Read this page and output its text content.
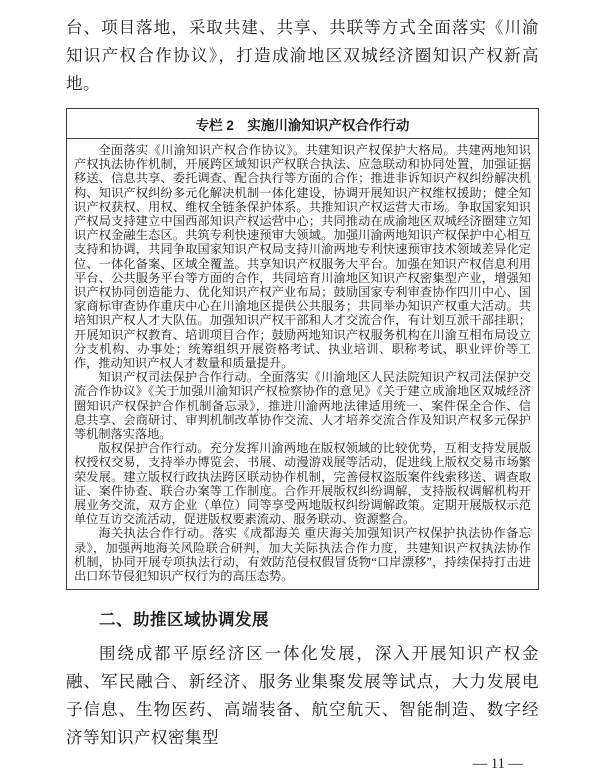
台、项目落地，采取共建、共享、共联等方式全面落实《川渝知识产权合作协议》，打造成渝地区双城经济圈知识产权新高地。

专栏 2　实施川渝知识产权合作行动

全面落实《川渝知识产权合作协议》。共建知识产权保护大格局。共建两地知识产权执法协作机制，开展跨区域知识产权联合执法、应急联动和协同处置，加强证据移送、信息共享、委托调查、配合执行等方面的合作；推进非诉知识产权纠纷解决机构、知识产权纠纷多元化解决机制一体化建设，协调开展知识产权维权援助；健全知识产权获权、用权、维权全链条保护体系。共推知识产权运营大市场。争取国家知识产权局支持建立中国西部知识产权运营中心；共同推动在成渝地区双城经济圈建立知识产权金融生态区。共筑专利快速预审大领域。加强川渝两地知识产权保护中心相互支持和协调，共同争取国家知识产权局支持川渝两地专利快速预审技术领域差异化定位、一体化备案、区域全覆盖。共享知识产权服务大平台。加强在知识产权信息利用平台、公共服务平台等方面的合作，共同培育川渝地区知识产权密集型产业，增强知识产权协同创造能力、优化知识产权产业布局；鼓励国家专利审查协作四川中心、国家商标审查协作重庆中心在川渝地区提供公共服务；共同举办知识产权重大活动。共培知识产权人才大队伍。加强知识产权干部和人才交流合作，有计划互派干部挂职；开展知识产权教育、培训项目合作；鼓励两地知识产权服务机构在川渝互相布局设立分支机构、办事处；统筹组织开展资格考试、执业培训、职称考试、职业评价等工作，推动知识产权人才数量和质量提升。

知识产权司法保护合作行动。全面落实《川渝地区人民法院知识产权司法保护交流合作协议》《关于加强川渝知识产权检察协作的意见》《关于建立成渝地区双城经济圈知识产权保护合作机制备忘录》，推进川渝两地法律适用统一、案件保全合作、信息共享、会商研讨、审判机制改革协作交流、人才培养交流合作及知识产权多元保护等机制落实落地。

版权保护合作行动。充分发挥川渝两地在版权领域的比较优势，互相支持发展版权授权交易，支持举办博览会、书展、动漫游戏展等活动，促进线上版权交易市场繁荣发展。建立版权行政执法跨区联动协作机制，完善侵权盗版案件线索移送、调查取证、案件协查、联合办案等工作制度。合作开展版权纠纷调解，支持版权调解机构开展业务交流，双方企业（单位）同等享受两地版权纠纷调解政策。定期开展版权示范单位互访交流活动，促进版权要素流动、服务联动、资源整合。

海关执法合作行动。落实《成都海关 重庆海关加强知识产权保护执法协作备忘录》，加强两地海关风险联合研判，加大关际执法合作力度，共建知识产权执法协作机制，协同开展专项执法行动，有效防范侵权假冒货物“口岸漂移”，持续保持打击进出口环节侵犯知识产权行为的高压态势。

二、助推区域协调发展

围绕成都平原经济区一体化发展，深入开展知识产权金融、军民融合、新经济、服务业集聚发展等试点，大力发展电子信息、生物医药、高端装备、航空航天、智能制造、数字经济等知识产权密集型

— 11 —
